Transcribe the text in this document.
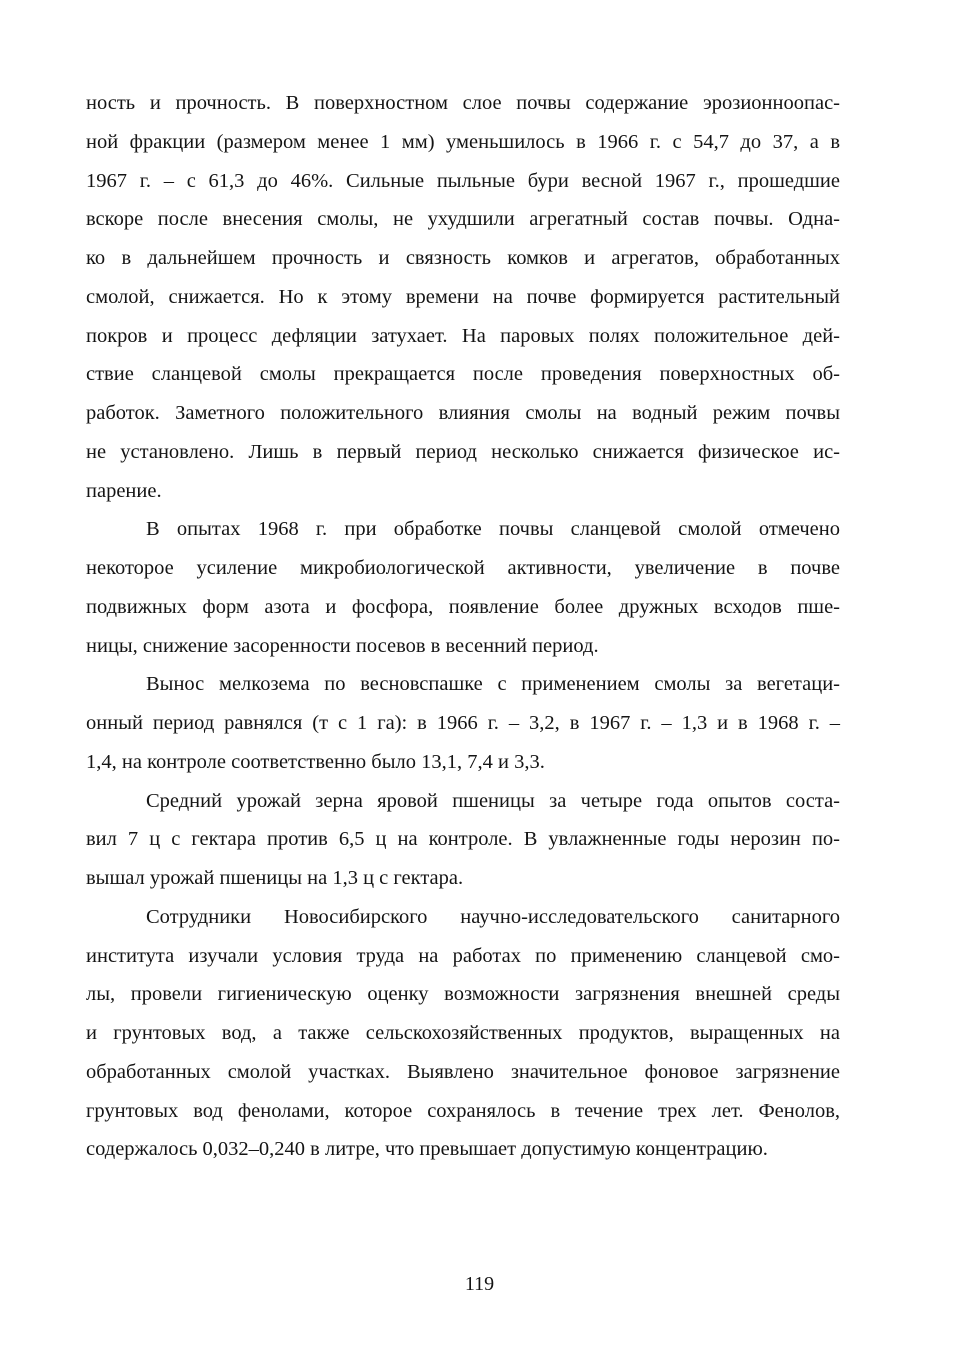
ность и прочность. В поверхностном слое почвы содержание эрозионноопас-
ной фракции (размером менее 1 мм) уменьшилось в 1966 г. с 54,7 до 37, а в
1967 г. – с 61,3 до 46%. Сильные пыльные бури весной 1967 г., прошедшие
вскоре после внесения смолы, не ухудшили агрегатный состав почвы. Одна-
ко в дальнейшем прочность и связность комков и агрегатов, обработанных
смолой, снижается. Но к этому времени на почве формируется растительный
покров и процесс дефляции затухает. На паровых полях положительное дей-
ствие сланцевой смолы прекращается после проведения поверхностных об-
работок. Заметного положительного влияния смолы на водный режим почвы
не установлено. Лишь в первый период несколько снижается физическое ис-
парение.
В опытах 1968 г. при обработке почвы сланцевой смолой отмечено
некоторое усиление микробиологической активности, увеличение в почве
подвижных форм азота и фосфора, появление более дружных всходов пше-
ницы, снижение засоренности посевов в весенний период.
Вынос мелкозема по весновспашке с применением смолы за вегетаци-
онный период равнялся (т с 1 га): в 1966 г. – 3,2, в 1967 г. – 1,3 и в 1968 г. –
1,4, на контроле соответственно было 13,1, 7,4 и 3,3.
Средний урожай зерна яровой пшеницы за четыре года опытов соста-
вил 7 ц с гектара против 6,5 ц на контроле. В увлажненные годы нерозин по-
вышал урожай пшеницы на 1,3 ц с гектара.
Сотрудники Новосибирского научно-исследовательского санитарного
института изучали условия труда на работах по применению сланцевой смо-
лы, провели гигиеническую оценку возможности загрязнения внешней среды
и грунтовых вод, а также сельскохозяйственных продуктов, выращенных на
обработанных смолой участках. Выявлено значительное фоновое загрязнение
грунтовых вод фенолами, которое сохранялось в течение трех лет. Фенолов,
содержалось 0,032–0,240 в литре, что превышает допустимую концентрацию.
119
